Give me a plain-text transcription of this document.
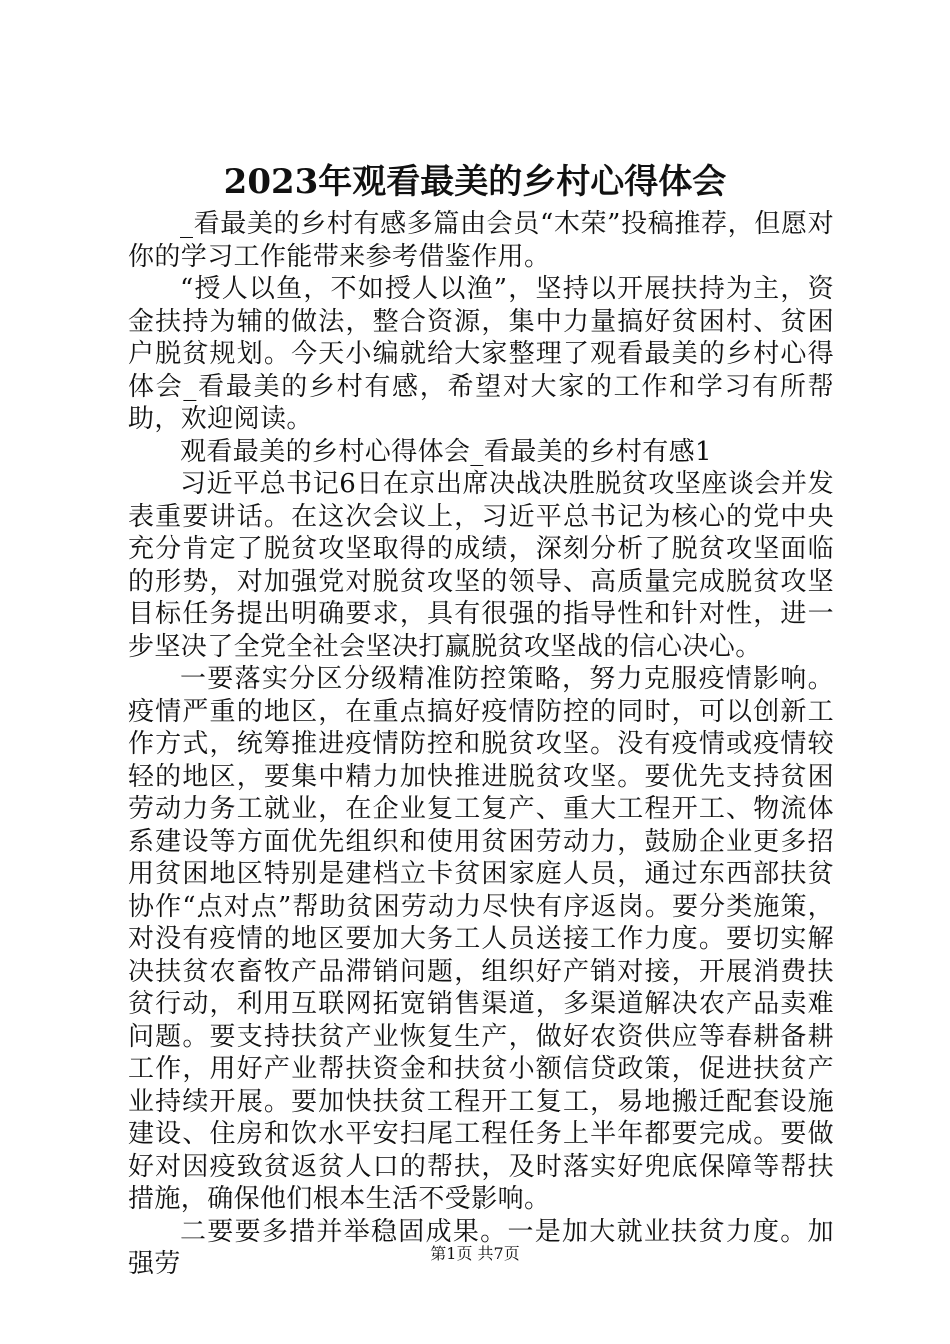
2023年观看最美的乡村心得体会

_看最美的乡村有感多篇由会员“木荣”投稿推荐，但愿对你的学习工作能带来参考借鉴作用。

“授人以鱼，不如授人以渔”，坚持以开展扶持为主，资金扶持为辅的做法，整合资源，集中力量搞好贫困村、贫困户脱贫规划。今天小编就给大家整理了观看最美的乡村心得体会_看最美的乡村有感，希望对大家的工作和学习有所帮助，欢迎阅读。

观看最美的乡村心得体会_看最美的乡村有感1

习近平总书记6日在京出席决战决胜脱贫攻坚座谈会并发表重要讲话。在这次会议上，习近平总书记为核心的党中央充分肯定了脱贫攻坚取得的成绩，深刻分析了脱贫攻坚面临的形势，对加强党对脱贫攻坚的领导、高质量完成脱贫攻坚目标任务提出明确要求，具有很强的指导性和针对性，进一步坚决了全党全社会坚决打赢脱贫攻坚战的信心决心。

一要落实分区分级精准防控策略，努力克服疫情影响。疫情严重的地区，在重点搞好疫情防控的同时，可以创新工作方式，统筹推进疫情防控和脱贫攻坚。没有疫情或疫情较轻的地区，要集中精力加快推进脱贫攻坚。要优先支持贫困劳动力务工就业，在企业复工复产、重大工程开工、物流体系建设等方面优先组织和使用贫困劳动力，鼓励企业更多招用贫困地区特别是建档立卡贫困家庭人员，通过东西部扶贫协作“点对点”帮助贫困劳动力尽快有序返岗。要分类施策，对没有疫情的地区要加大务工人员送接工作力度。要切实解决扶贫农畜牧产品滞销问题，组织好产销对接，开展消费扶贫行动，利用互联网拓宽销售渠道，多渠道解决农产品卖难问题。要支持扶贫产业恢复生产，做好农资供应等春耕备耕工作，用好产业帮扶资金和扶贫小额信贷政策，促进扶贫产业持续开展。要加快扶贫工程开工复工，易地搬迁配套设施建设、住房和饮水平安扫尾工程任务上半年都要完成。要做好对因疫致贫返贫人口的帮扶，及时落实好兜底保障等帮扶措施，确保他们根本生活不受影响。

二要要多措并举稳固成果。一是加大就业扶贫力度。加强劳	第1页 共7页
